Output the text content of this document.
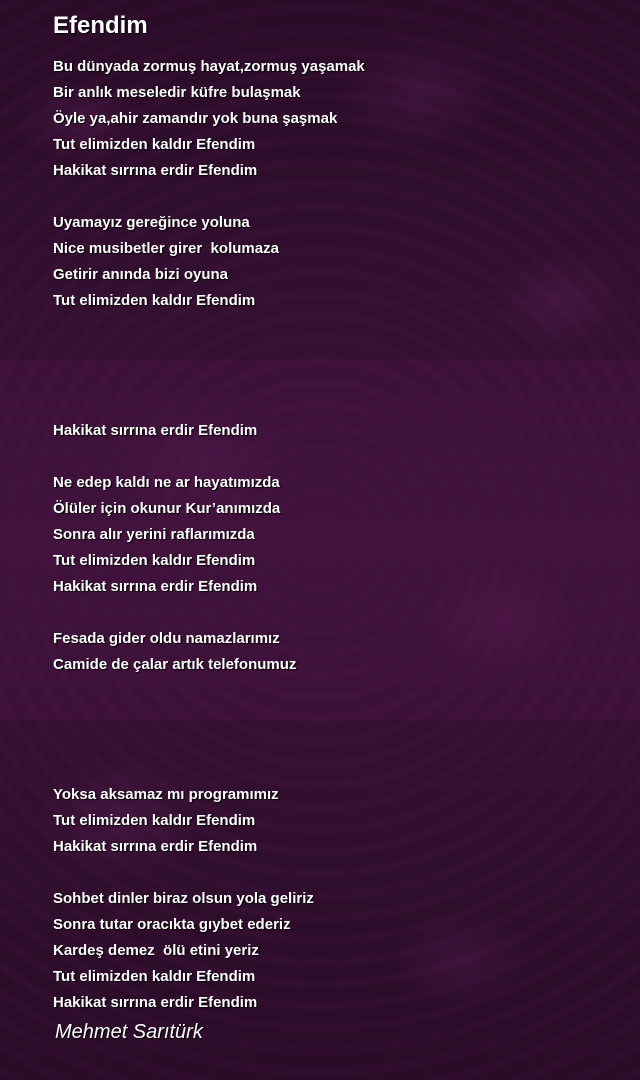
Efendim
Bu dünyada zormuş hayat,zormuş yaşamak
Bir anlık meseledir küfre bulaşmak
Öyle ya,ahir zamandır yok buna şaşmak
Tut elimizden kaldır Efendim
Hakikat sırrına erdir Efendim
Uyamayız gereğince yoluna
Nice musibetler girer  kolumaza
Getirir anında bizi oyuna
Tut elimizden kaldır Efendim
Hakikat sırrına erdir Efendim
Ne edep kaldı ne ar hayatımızda
Ölüler için okunur Kur’anımızda
Sonra alır yerini raflarımızda
Tut elimizden kaldır Efendim
Hakikat sırrına erdir Efendim
Fesada gider oldu namazlarımız
Camide de çalar artık telefonumuz
Yoksa aksamaz mı programımız
Tut elimizden kaldır Efendim
Hakikat sırrına erdir Efendim
Sohbet dinler biraz olsun yola geliriz
Sonra tutar oracıkta gıybet ederiz
Kardeş demez  ölü etini yeriz
Tut elimizden kaldır Efendim
Hakikat sırrına erdir Efendim
Mehmet Sarıtürk
